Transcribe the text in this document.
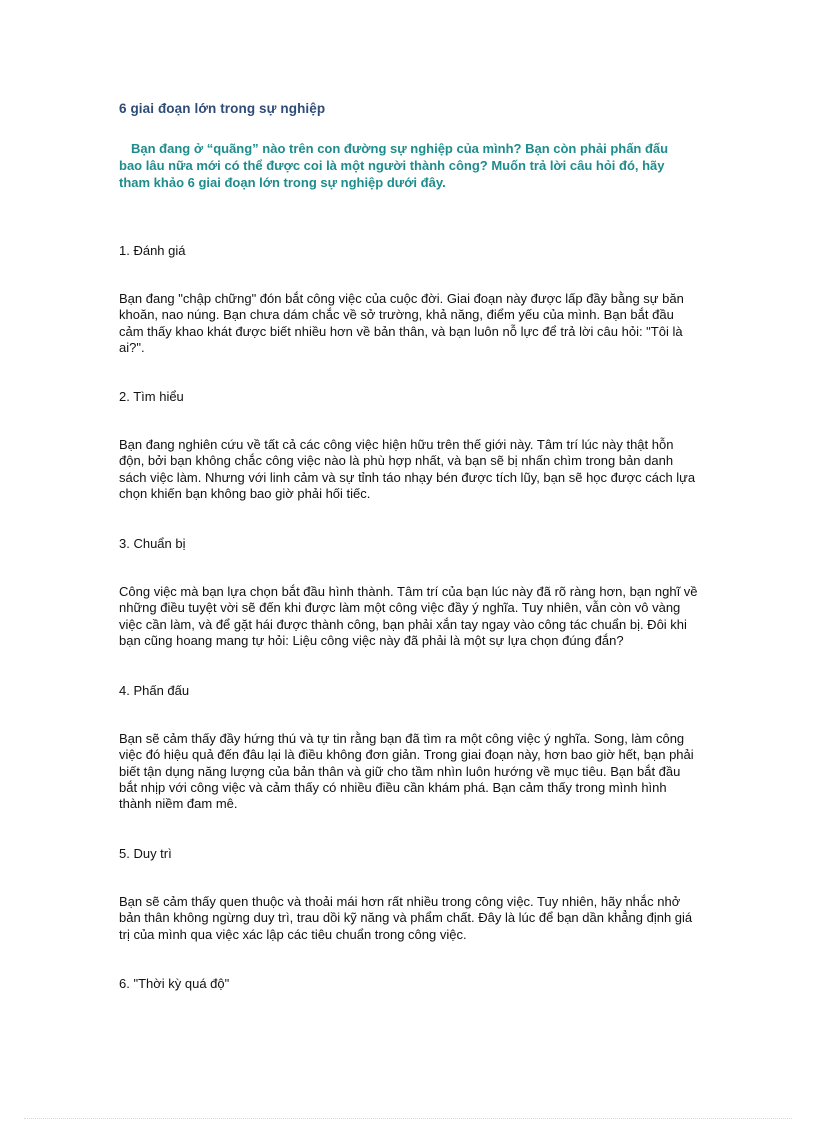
6 giai đoạn lớn trong sự nghiệp
Bạn đang ở “quãng” nào trên con đường sự nghiệp của mình? Bạn còn phải phấn đấu bao lâu nữa mới có thể được coi là một người thành công? Muốn trả lời câu hỏi đó, hãy tham khảo 6 giai đoạn lớn trong sự nghiệp dưới đây.
1. Đánh giá
Bạn đang "chập chững" đón bắt công việc của cuộc đời. Giai đoạn này được lấp đầy bằng sự băn khoăn, nao núng. Bạn chưa dám chắc về sở trường, khả năng, điểm yếu của mình. Bạn bắt đầu cảm thấy khao khát được biết nhiều hơn về bản thân, và bạn luôn nỗ lực để trả lời câu hỏi: "Tôi là ai?".
2. Tìm hiểu
Bạn đang nghiên cứu về tất cả các công việc hiện hữu trên thế giới này. Tâm trí lúc này thật hỗn độn, bởi bạn không chắc công việc nào là phù hợp nhất, và bạn sẽ bị nhấn chìm trong bản danh sách việc làm. Nhưng với linh cảm và sự tỉnh táo nhạy bén được tích lũy, bạn sẽ học được cách lựa chọn khiến bạn không bao giờ phải hối tiếc.
3. Chuẩn bị
Công việc mà bạn lựa chọn bắt đầu hình thành. Tâm trí của bạn lúc này đã rõ ràng hơn, bạn nghĩ về những điều tuyệt vời sẽ đến khi được làm một công việc đầy ý nghĩa. Tuy nhiên, vẫn còn vô vàng việc cần làm, và để gặt hái được thành công, bạn phải xắn tay ngay vào công tác chuẩn bị. Đôi khi bạn cũng hoang mang tự hỏi: Liệu công việc này đã phải là một sự lựa chọn đúng đắn?
4. Phấn đấu
Bạn sẽ cảm thấy đầy hứng thú và tự tin rằng bạn đã tìm ra một công việc ý nghĩa. Song, làm công việc đó hiệu quả đến đâu lại là điều không đơn giản. Trong giai đoạn này, hơn bao giờ hết, bạn phải biết tận dụng năng lượng của bản thân và giữ cho tầm nhìn luôn hướng về mục tiêu. Bạn bắt đầu bắt nhịp với công việc và cảm thấy có nhiều điều cần khám phá. Bạn cảm thấy trong mình hình thành niềm đam mê.
5. Duy trì
Bạn sẽ cảm thấy quen thuộc và thoải mái hơn rất nhiều trong công việc. Tuy nhiên, hãy nhắc nhở bản thân không ngừng duy trì, trau dồi kỹ năng và phẩm chất. Đây là lúc để bạn dần khẳng định giá trị của mình qua việc xác lập các tiêu chuẩn trong công việc.
6. "Thời kỳ quá độ"
